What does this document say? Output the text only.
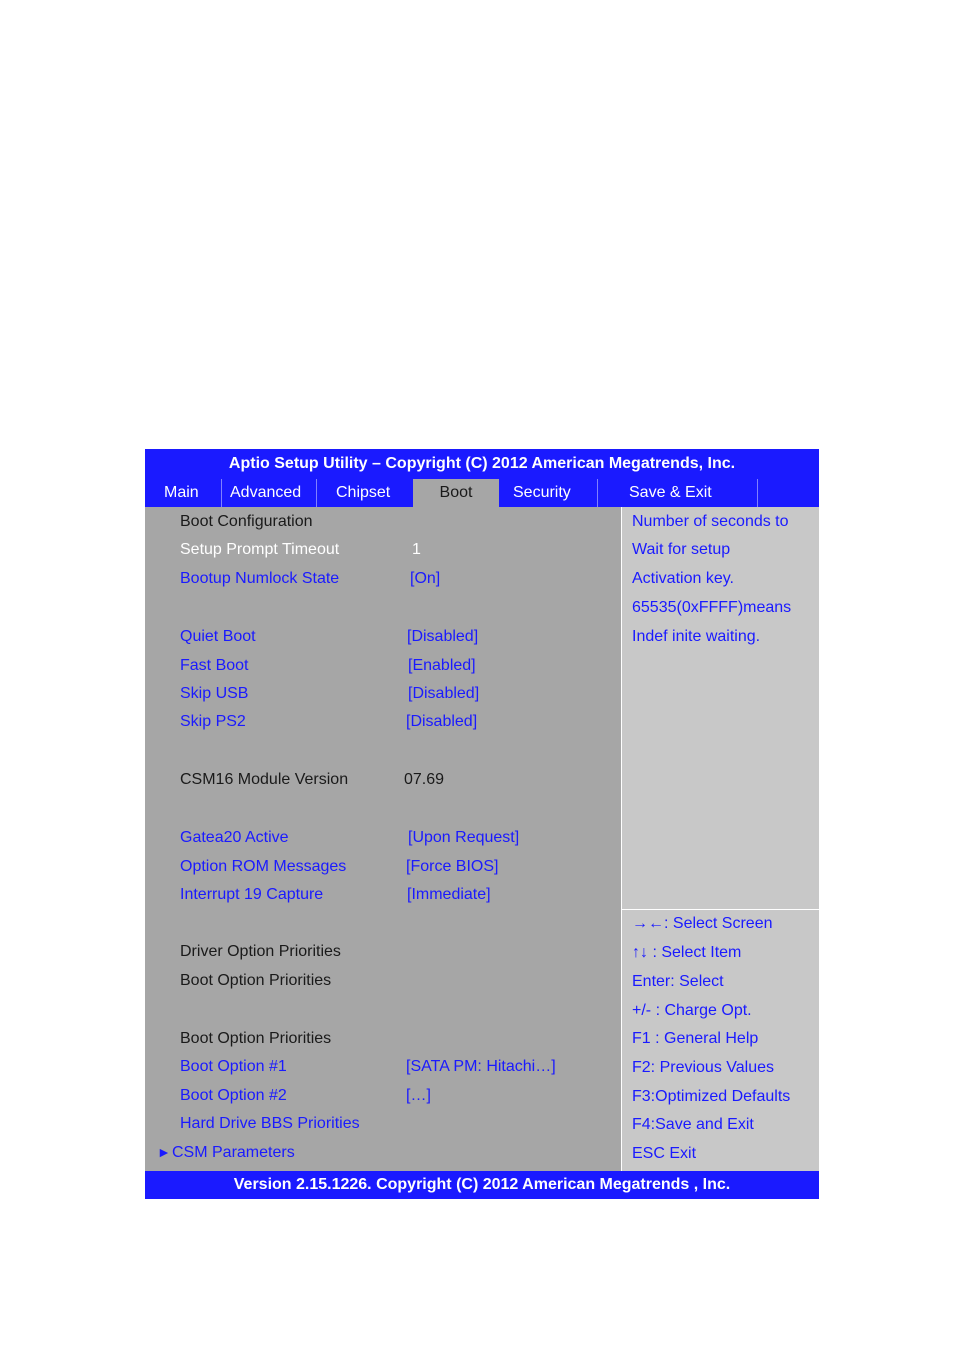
Aptio Setup Utility – Copyright (C) 2012 American Megatrends, Inc.
Main Advanced Chipset	Boot	Security	Save & Exit
Boot Configuration
Setup Prompt Timeout	1
Bootup Numlock State	[On]
Quiet Boot	[Disabled]
Fast Boot	[Enabled]
Skip USB	[Disabled]
Skip PS2	[Disabled]
CSM16 Module Version	07.69
Gatea20 Active	[Upon Request]
Option ROM Messages	[Force BIOS]
Interrupt 19 Capture	[Immediate]
Driver Option Priorities
Boot Option Priorities
Boot Option Priorities
Boot Option #1	[SATA PM: Hitachi…]
Boot Option #2	[…]
Hard Drive BBS Priorities
► CSM Parameters
Number of seconds to
Wait for setup
Activation key.
65535(0xFFFF)means
Indef inite waiting.
→←: Select Screen
↑↓ : Select Item
Enter: Select
+/- : Charge Opt.
F1 : General Help
F2: Previous Values
F3:Optimized Defaults
F4:Save and Exit
ESC Exit
Version 2.15.1226. Copyright (C) 2012 American Megatrends , Inc.
